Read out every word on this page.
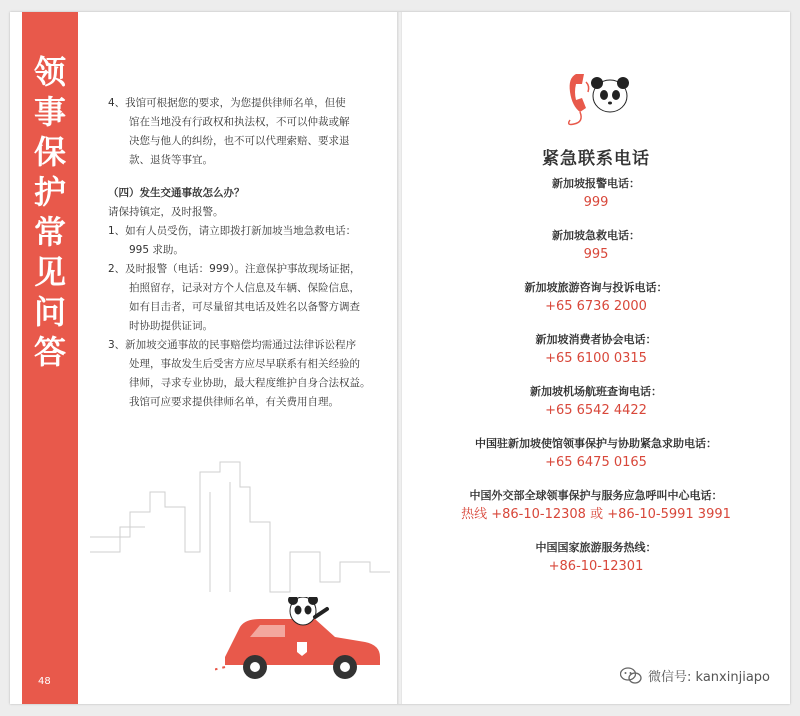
领
事
保
护
常
见
问
答
48

4、我馆可根据您的要求，为您提供律师名单，但使

馆在当地没有行政权和执法权，不可以仲裁或解

决您与他人的纠纷，也不可以代理索赔、要求退

款、退货等事宜。

（四）发生交通事故怎么办？

请保持镇定，及时报警。

1、如有人员受伤，请立即拨打新加坡当地急救电话：

995 求助。

2、及时报警（电话：999）。注意保护事故现场证据，

拍照留存，记录对方个人信息及车辆、保险信息，

如有目击者，可尽量留其电话及姓名以备警方调查

时协助提供证词。

3、新加坡交通事故的民事赔偿均需通过法律诉讼程序

处理，事故发生后受害方应尽早联系有相关经验的

律师，寻求专业协助，最大程度维护自身合法权益。

我馆可应要求提供律师名单，有关费用自理。

紧急联系电话
新加坡报警电话：
999
新加坡急救电话：
995
新加坡旅游咨询与投诉电话：
+65 6736 2000
新加坡消费者协会电话：
+65 6100 0315
新加坡机场航班查询电话：
+65 6542 4422
中国驻新加坡使馆领事保护与协助紧急求助电话：
+65 6475 0165
中国外交部全球领事保护与服务应急呼叫中心电话：
热线 +86-10-12308 或 +86-10-5991 3991
中国国家旅游服务热线：
+86-10-12301
微信号: kanxinjiapo
